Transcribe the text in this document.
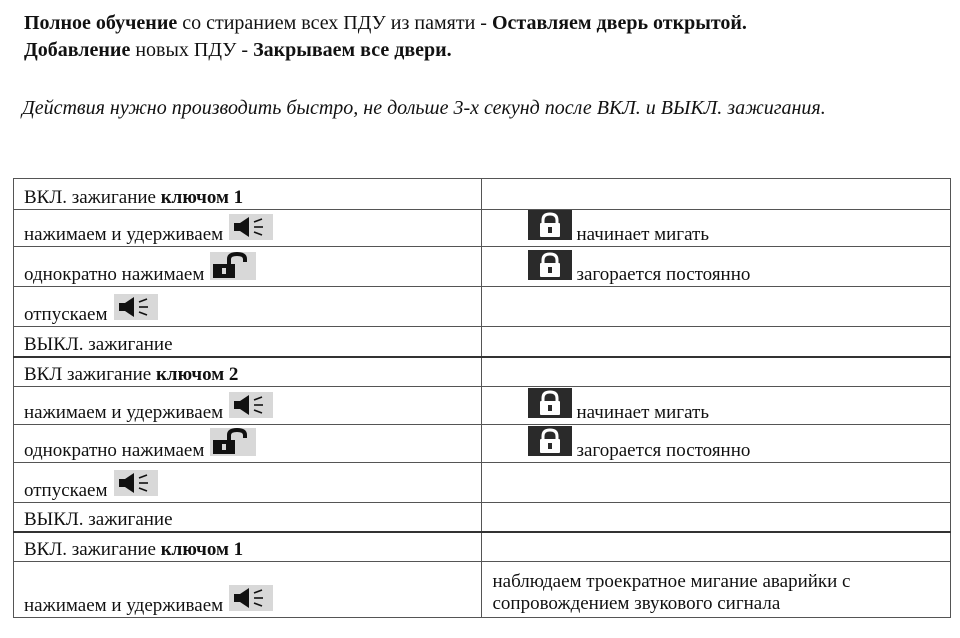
Полное обучение со стиранием всех ПДУ из памяти - Оставляем дверь открытой.
Добавление новых ПДУ - Закрываем все двери.
Действия нужно производить быстро, не дольше 3-х секунд после ВКЛ. и ВЫКЛ. зажигания.
ВКЛ. зажигание ключом 1	
нажимаем и удерживаем	начинает мигать
однократно нажимаем	загорается постоянно
отпускаем	
ВЫКЛ. зажигание	
ВКЛ зажигание ключом 2	
нажимаем и удерживаем	начинает мигать
однократно нажимаем	загорается постоянно
отпускаем	
ВЫКЛ. зажигание	
ВКЛ. зажигание ключом 1	
нажимаем и удерживаем	наблюдаем троекратное мигание аварийки с сопровождением звукового сигнала
